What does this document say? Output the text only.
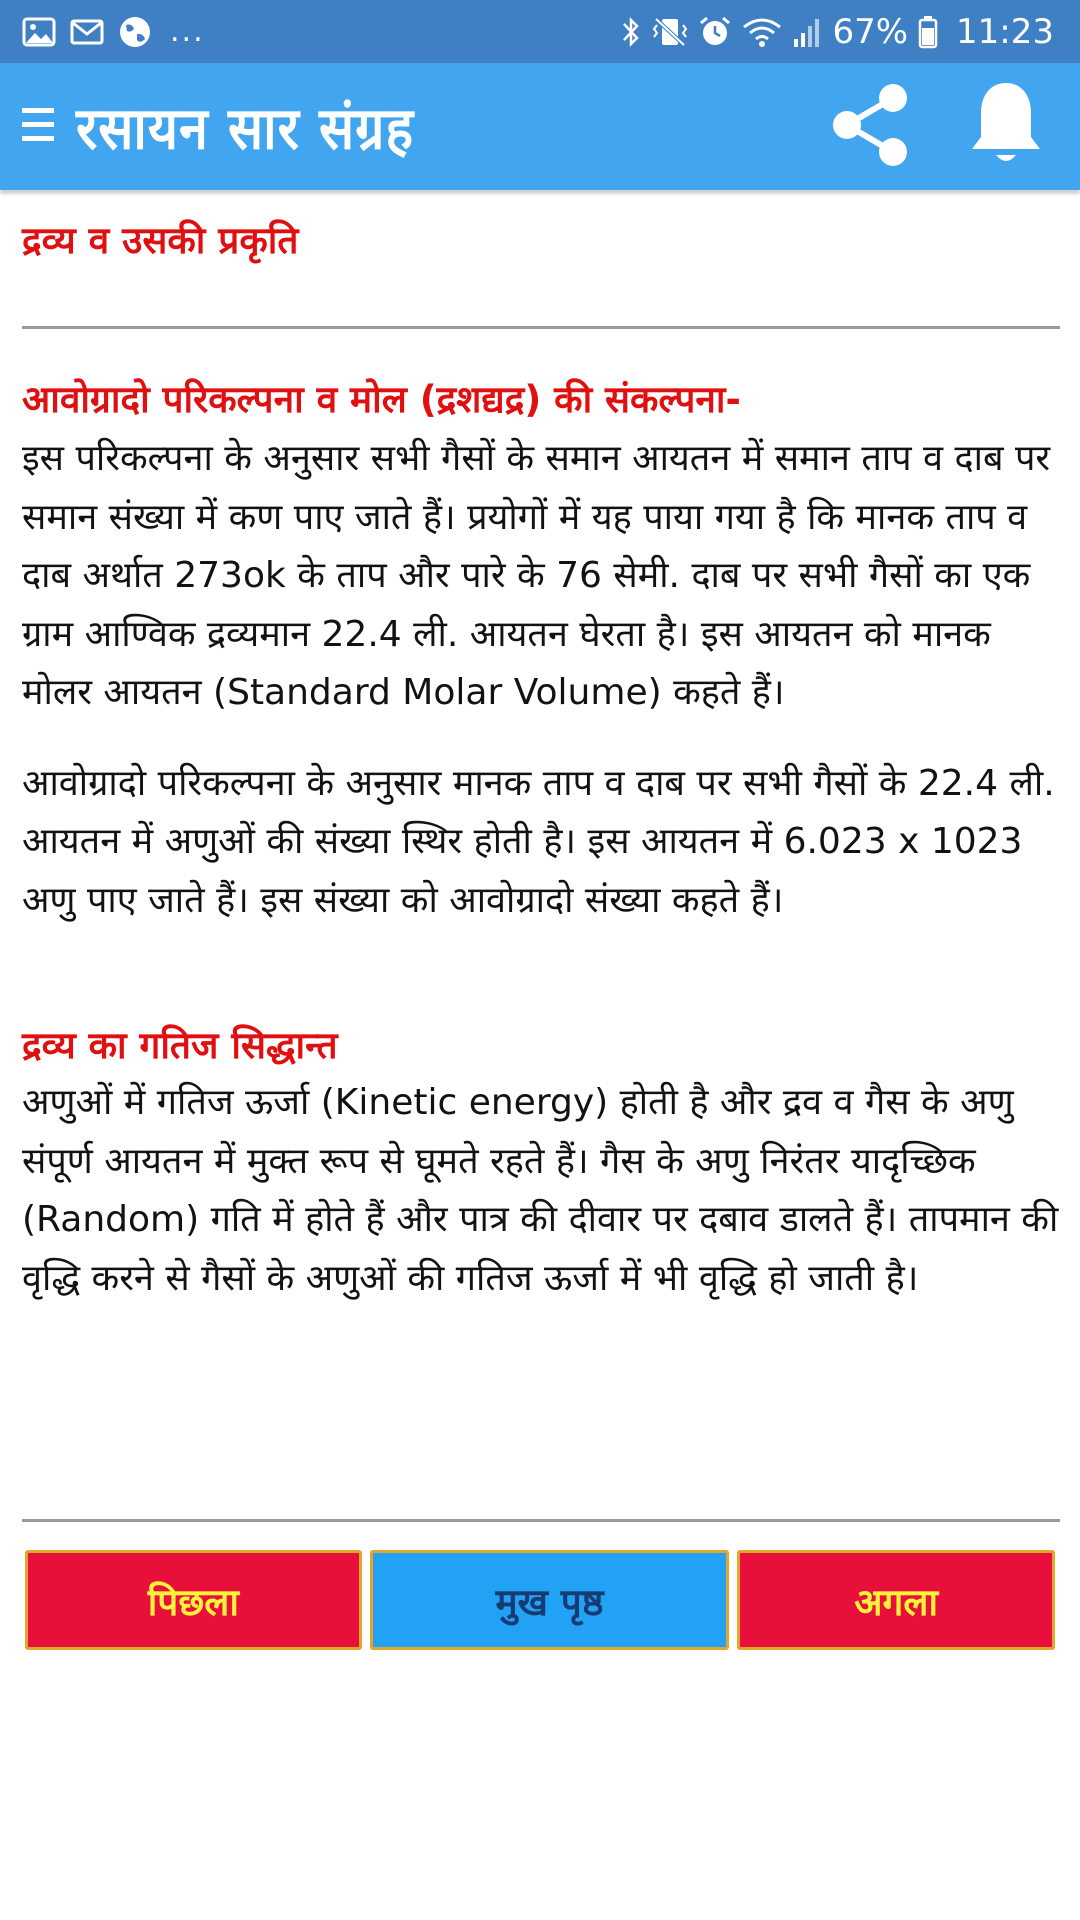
...	67% 11:23
रसायन सार संग्रह
द्रव्य व उसकी प्रकृति
आवोग्रादो परिकल्पना व मोल (द्रशद्यद्र) की संकल्पना-

इस परिकल्पना के अनुसार सभी गैसों के समान आयतन में समान ताप व दाब पर समान संख्या में कण पाए जाते हैं। प्रयोगों में यह पाया गया है कि मानक ताप व दाब अर्थात 273ok के ताप और पारे के 76 सेमी. दाब पर सभी गैसों का एक ग्राम आण्विक द्रव्यमान 22.4 ली. आयतन घेरता है। इस आयतन को मानक मोलर आयतन (Standard Molar Volume) कहते हैं।

आवोग्रादो परिकल्पना के अनुसार मानक ताप व दाब पर सभी गैसों के 22.4 ली. आयतन में अणुओं की संख्या स्थिर होती है। इस आयतन में 6.023 x 1023 अणु पाए जाते हैं। इस संख्या को आवोग्रादो संख्या कहते हैं।

द्रव्य का गतिज सिद्धान्त

अणुओं में गतिज ऊर्जा (Kinetic energy) होती है और द्रव व गैस के अणु संपूर्ण आयतन में मुक्त रूप से घूमते रहते हैं। गैस के अणु निरंतर यादृच्छिक (Random) गति में होते हैं और पात्र की दीवार पर दबाव डालते हैं। तापमान की वृद्धि करने से गैसों के अणुओं की गतिज ऊर्जा में भी वृद्धि हो जाती है।

पिछला	मुख पृष्ठ	अगला
